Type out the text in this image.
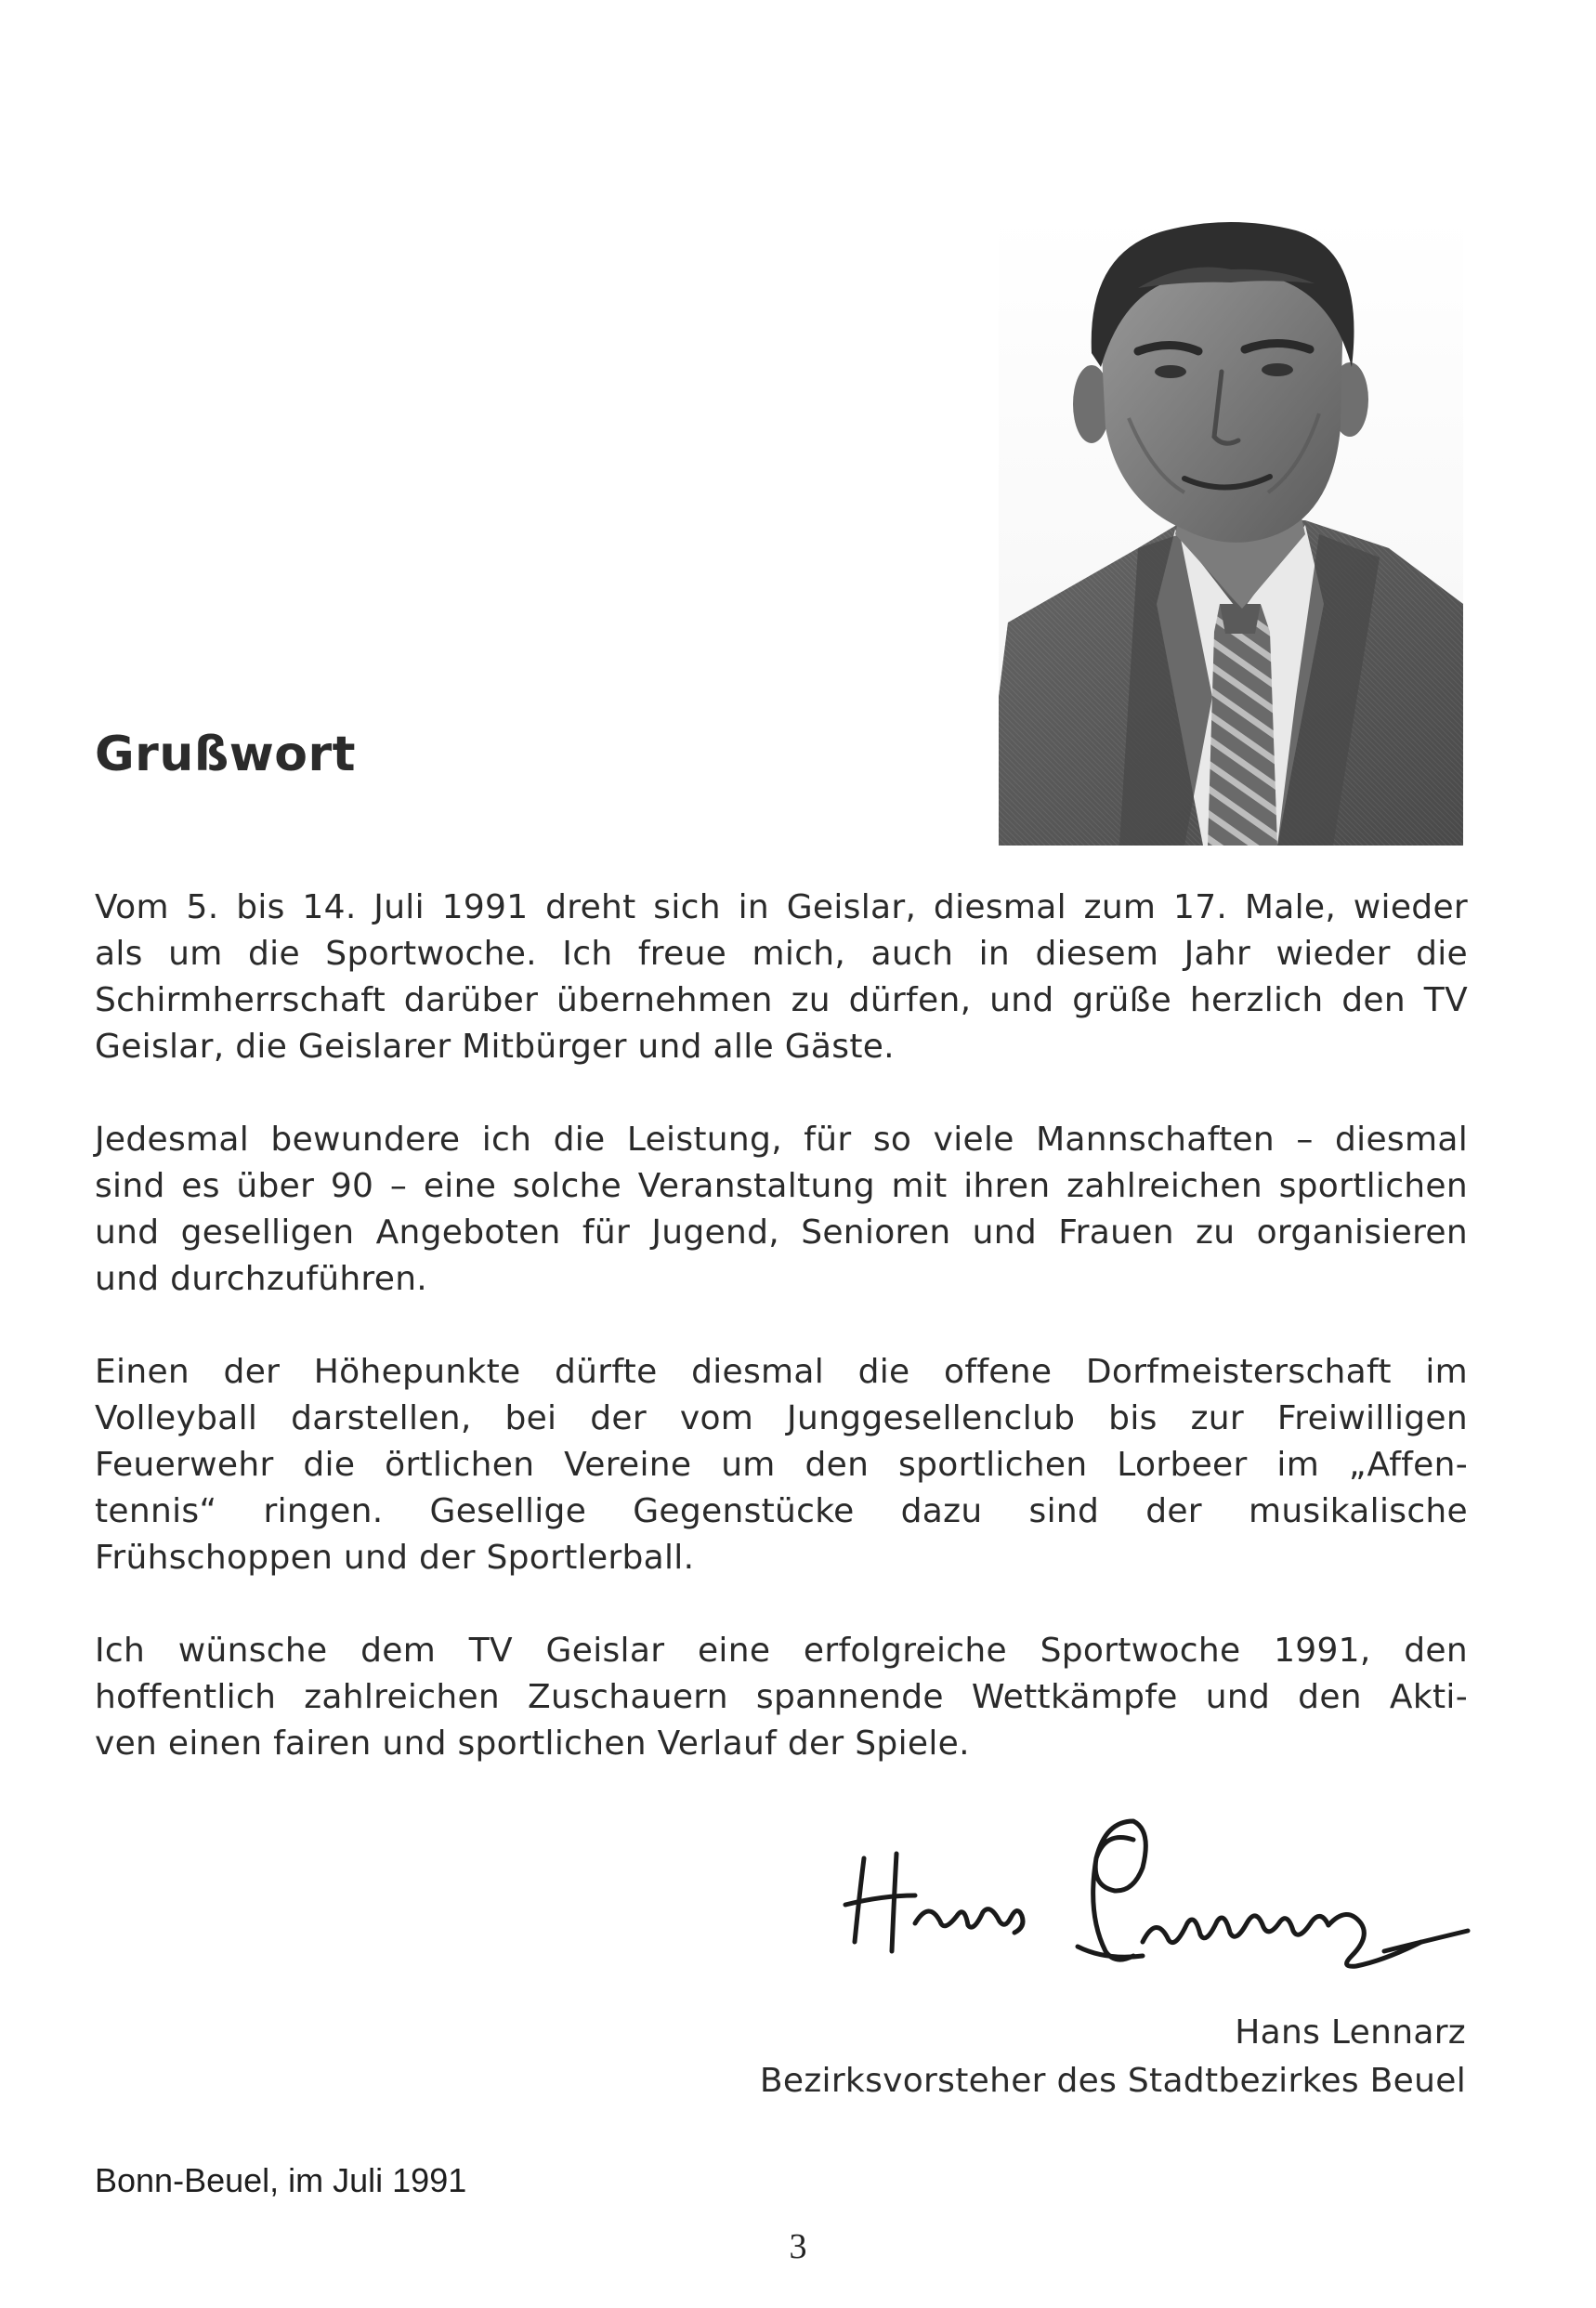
Grußwort

Vom 5. bis 14. Juli 1991 dreht sich in Geislar, diesmal zum 17. Male, wieder
als um die Sportwoche. Ich freue mich, auch in diesem Jahr wieder die
Schirmherrschaft darüber übernehmen zu dürfen, und grüße herzlich den TV
Geislar, die Geislarer Mitbürger und alle Gäste.

Jedesmal bewundere ich die Leistung, für so viele Mannschaften – diesmal
sind es über 90 – eine solche Veranstaltung mit ihren zahlreichen sportlichen
und geselligen Angeboten für Jugend, Senioren und Frauen zu organisieren
und durchzuführen.

Einen der Höhepunkte dürfte diesmal die offene Dorfmeisterschaft im
Volleyball darstellen, bei der vom Junggesellenclub bis zur Freiwilligen
Feuerwehr die örtlichen Vereine um den sportlichen Lorbeer im „Affen-
tennis“ ringen. Gesellige Gegenstücke dazu sind der musikalische
Frühschoppen und der Sportlerball.

Ich wünsche dem TV Geislar eine erfolgreiche Sportwoche 1991, den
hoffentlich zahlreichen Zuschauern spannende Wettkämpfe und den Akti-
ven einen fairen und sportlichen Verlauf der Spiele.

Hans Lennarz
Bezirksvorsteher des Stadtbezirkes Beuel
Bonn-Beuel, im Juli 1991
3
